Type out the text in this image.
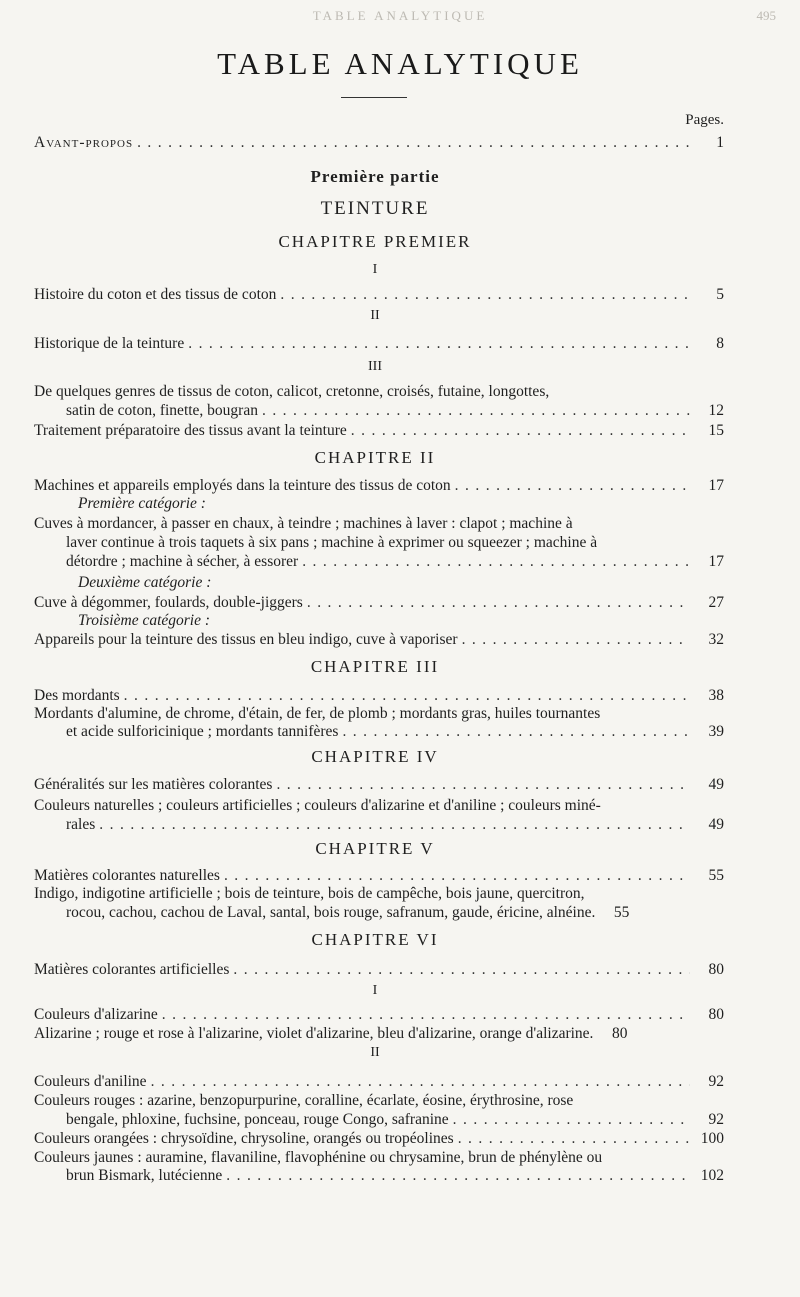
TABLE ANALYTIQUE	495
TABLE ANALYTIQUE
Pages.
Avant-propos . . .	1
Première partie
TEINTURE
CHAPITRE PREMIER
I
Histoire du coton et des tissus de coton . . .	5
II
Historique de la teinture . . .	8
III
De quelques genres de tissus de coton, calicot, cretonne, croisés, futaine, longottes,
satin de coton, finette, bougran . . .	12
Traitement préparatoire des tissus avant la teinture . . .	15
CHAPITRE II
Machines et appareils employés dans la teinture des tissus de coton . . .	17
Première catégorie :
Cuves à mordancer, à passer en chaux, à teindre ; machines à laver : clapot ; machine à
laver continue à trois taquets à six pans ; machine à exprimer ou squeezer ; machine à
détordre ; machine à sécher, à essorer . . .	17
Deuxième catégorie :
Cuve à dégommer, foulards, double-jiggers . . .	27
Troisième catégorie :
Appareils pour la teinture des tissus en bleu indigo, cuve à vaporiser . . .	32
CHAPITRE III
Des mordants . . .	38
Mordants d'alumine, de chrome, d'étain, de fer, de plomb ; mordants gras, huiles tournantes
et acide sulforicinique ; mordants tannifères . . .	39
CHAPITRE IV
Généralités sur les matières colorantes . . .	49
Couleurs naturelles ; couleurs artificielles ; couleurs d'alizarine et d'aniline ; couleurs miné-
rales . . .	49
CHAPITRE V
Matières colorantes naturelles . . .	55
Indigo, indigotine artificielle ; bois de teinture, bois de campêche, bois jaune, quercitron,
rocou, cachou, cachou de Laval, santal, bois rouge, safranum, gaude, éricine, alnéine.	55
CHAPITRE VI
Matières colorantes artificielles . . .	80
I
Couleurs d'alizarine . . .	80
Alizarine ; rouge et rose à l'alizarine, violet d'alizarine, bleu d'alizarine, orange d'alizarine.	80
II
Couleurs d'aniline . . .	92
Couleurs rouges : azarine, benzopurpurine, coralline, écarlate, éosine, érythrosine, rose
bengale, phloxine, fuchsine, ponceau, rouge Congo, safranine . . .	92
Couleurs orangées : chrysoïdine, chrysoline, orangés ou tropéolines . . .	100
Couleurs jaunes : auramine, flavaniline, flavophénine ou chrysamine, brun de phénylène ou
brun Bismark, lutécienne . . .	102
